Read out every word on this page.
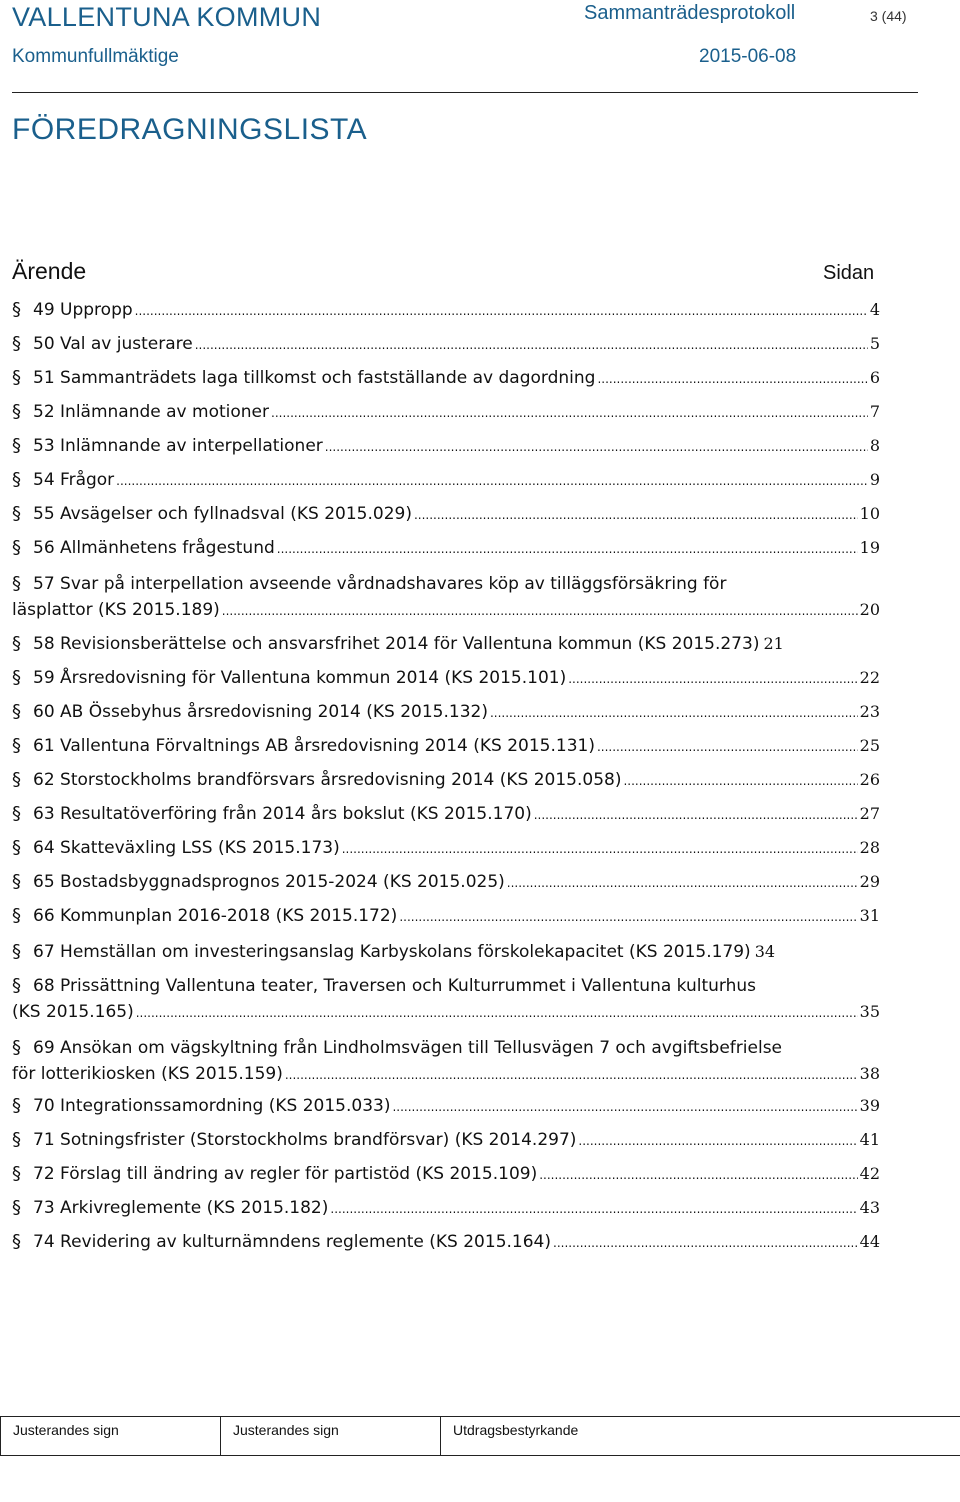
VALLENTUNA KOMMUN	Sammanträdesprotokoll	3 (44)
Kommunfullmäktige	2015-06-08
FÖREDRAGNINGSLISTA
Ärende	Sidan
§ 49 Uppropp .....	4
§ 50 Val av justerare .....	5
§ 51 Sammanträdets laga tillkomst och fastställande av dagordning .....	6
§ 52 Inlämnande av motioner .....	7
§ 53 Inlämnande av interpellationer .....	8
§ 54 Frågor .....	9
§ 55 Avsägelser och fyllnadsval (KS 2015.029) .....	10
§ 56 Allmänhetens frågestund .....	19
§ 57 Svar på interpellation avseende vårdnadshavares köp av tilläggsförsäkring för
läsplattor (KS 2015.189) .....	20
§ 58 Revisionsberättelse och ansvarsfrihet 2014 för Vallentuna kommun (KS 2015.273) 21
§ 59 Årsredovisning för Vallentuna kommun 2014 (KS 2015.101) .....	22
§ 60 AB Össebyhus årsredovisning 2014 (KS 2015.132) .....	23
§ 61 Vallentuna Förvaltnings AB årsredovisning 2014 (KS 2015.131) .....	25
§ 62 Storstockholms brandförsvars årsredovisning 2014 (KS 2015.058) .....	26
§ 63 Resultatöverföring från 2014 års bokslut (KS 2015.170) .....	27
§ 64 Skatteväxling LSS (KS 2015.173) .....	28
§ 65 Bostadsbyggnadsprognos 2015-2024 (KS 2015.025) .....	29
§ 66 Kommunplan 2016-2018 (KS 2015.172) .....	31
§ 67 Hemställan om investeringsanslag Karbyskolans förskolekapacitet (KS 2015.179) 34
§ 68 Prissättning Vallentuna teater, Traversen och Kulturrummet i Vallentuna kulturhus
(KS 2015.165) .....	35
§ 69 Ansökan om vägskyltning från Lindholmsvägen till Tellusvägen 7 och avgiftsbefrielse
för lotterikiosken (KS 2015.159) .....	38
§ 70 Integrationssamordning (KS 2015.033) .....	39
§ 71 Sotningsfrister (Storstockholms brandförsvar) (KS 2014.297) .....	41
§ 72 Förslag till ändring av regler för partistöd (KS 2015.109) .....	42
§ 73 Arkivreglemente (KS 2015.182) .....	43
§ 74 Revidering av kulturnämndens reglemente (KS 2015.164) .....	44
Justerandes sign	Justerandes sign	Utdragsbestyrkande
